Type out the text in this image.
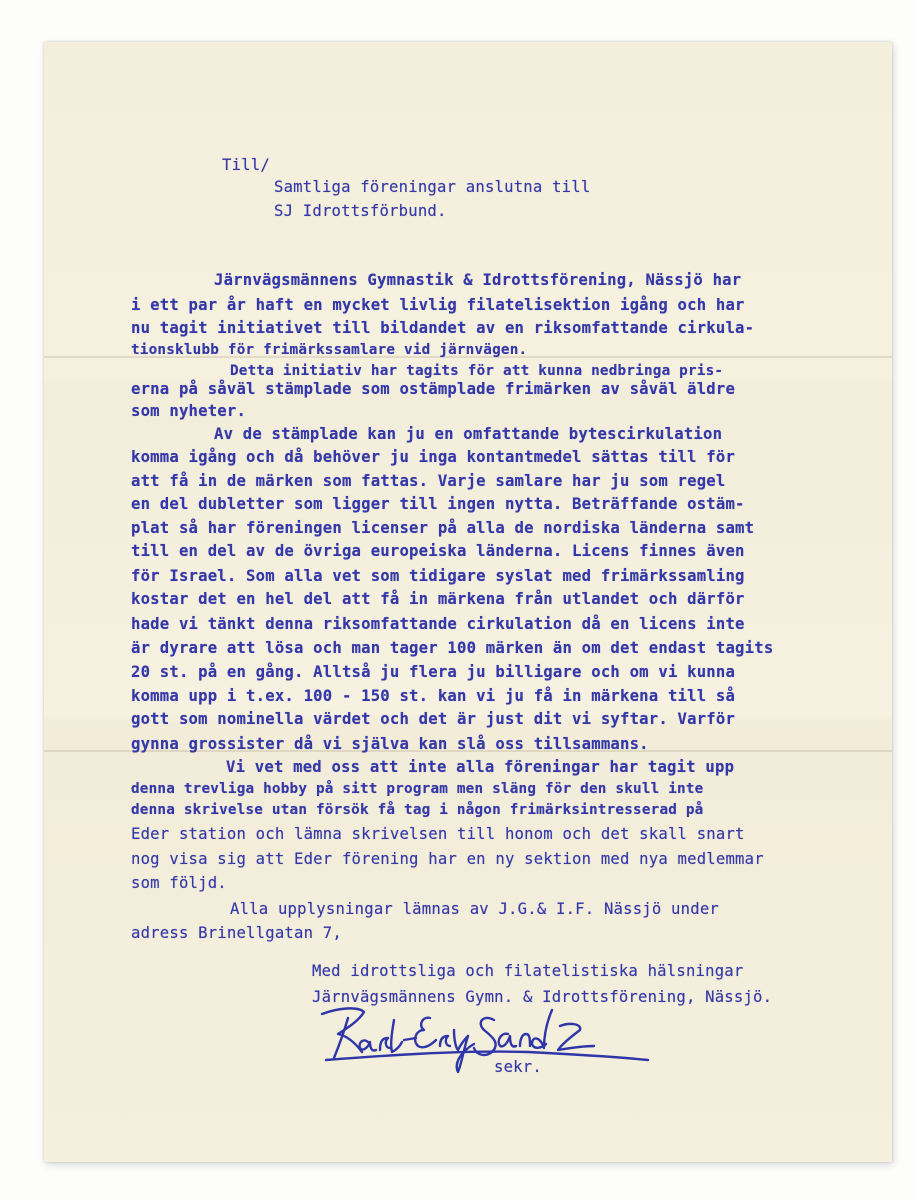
Till/
Samtliga föreningar anslutna till
SJ Idrottsförbund.
Järnvägsmännens Gymnastik & Idrottsförening, Nässjö har
i ett par år haft en mycket livlig filatelisektion igång och har
nu tagit initiativet till bildandet av en riksomfattande cirkula-
tionsklubb för frimärkssamlare vid järnvägen.
Detta initiativ har tagits för att kunna nedbringa pris-
erna på såväl stämplade som ostämplade frimärken av såväl äldre
som nyheter.
Av de stämplade kan ju en omfattande bytescirkulation
komma igång och då behöver ju inga kontantmedel sättas till för
att få in de märken som fattas. Varje samlare har ju som regel
en del dubletter som ligger till ingen nytta. Beträffande ostäm-
plat så har föreningen licenser på alla de nordiska länderna samt
till en del av de övriga europeiska länderna. Licens finnes även
för Israel. Som alla vet som tidigare syslat med frimärkssamling
kostar det en hel del att få in märkena från utlandet och därför
hade vi tänkt denna riksomfattande cirkulation då en licens inte
är dyrare att lösa och man tager 100 märken än om det endast tagits
20 st. på en gång. Alltså ju flera ju billigare och om vi kunna
komma upp i t.ex. 100 - 150 st. kan vi ju få in märkena till så
gott som nominella värdet och det är just dit vi syftar. Varför
gynna grossister då vi själva kan slå oss tillsammans.
Vi vet med oss att inte alla föreningar har tagit upp
denna trevliga hobby på sitt program men släng för den skull inte
denna skrivelse utan försök få tag i någon frimärksintresserad på
Eder station och lämna skrivelsen till honom och det skall snart
nog visa sig att Eder förening har en ny sektion med nya medlemmar
som följd.
Alla upplysningar lämnas av J.G.& I.F. Nässjö under
adress Brinellgatan 7,
Med idrottsliga och filatelistiska hälsningar
Järnvägsmännens Gymn. & Idrottsförening, Nässjö.
sekr.
